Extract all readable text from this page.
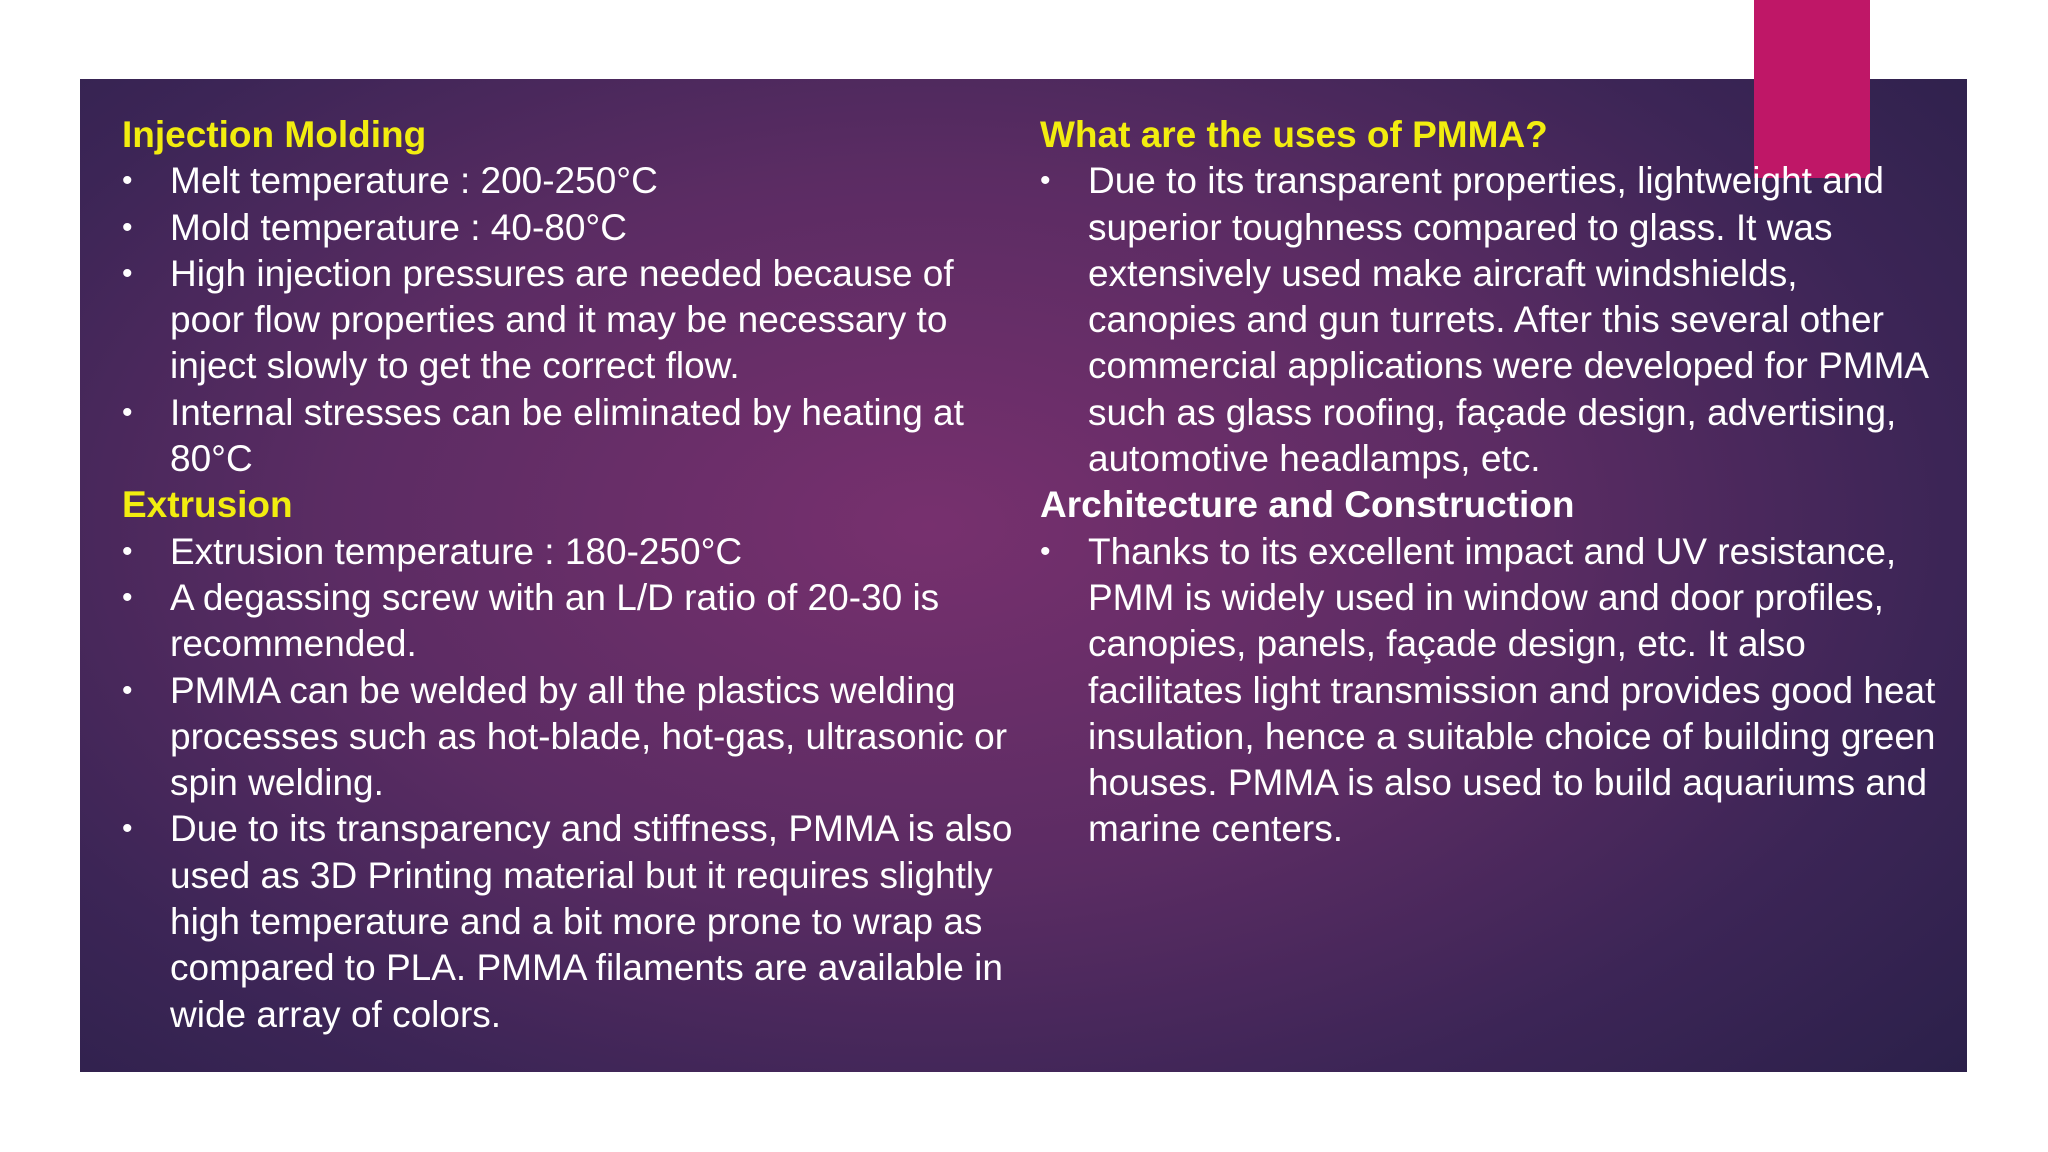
Injection Molding
• Melt temperature : 200-250°C
• Mold temperature : 40-80°C
• High injection pressures are needed because of poor flow properties and it may be necessary to inject slowly to get the correct flow.
• Internal stresses can be eliminated by heating at 80°C
Extrusion
• Extrusion temperature : 180-250°C
• A degassing screw with an L/D ratio of 20-30 is recommended.
• PMMA can be welded by all the plastics welding processes such as hot-blade, hot-gas, ultrasonic or spin welding.
• Due to its transparency and stiffness, PMMA is also used as 3D Printing material but it requires slightly high temperature and a bit more prone to wrap as compared to PLA. PMMA filaments are available in wide array of colors.
What are the uses of PMMA?
• Due to its transparent properties, lightweight and superior toughness compared to glass. It was extensively used make aircraft windshields, canopies and gun turrets. After this several other commercial applications were developed for PMMA such as glass roofing, façade design, advertising, automotive headlamps, etc.
Architecture and Construction
• Thanks to its excellent impact and UV resistance, PMM is widely used in window and door profiles, canopies, panels, façade design, etc. It also facilitates light transmission and provides good heat insulation, hence a suitable choice of building green houses. PMMA is also used to build aquariums and marine centers.
